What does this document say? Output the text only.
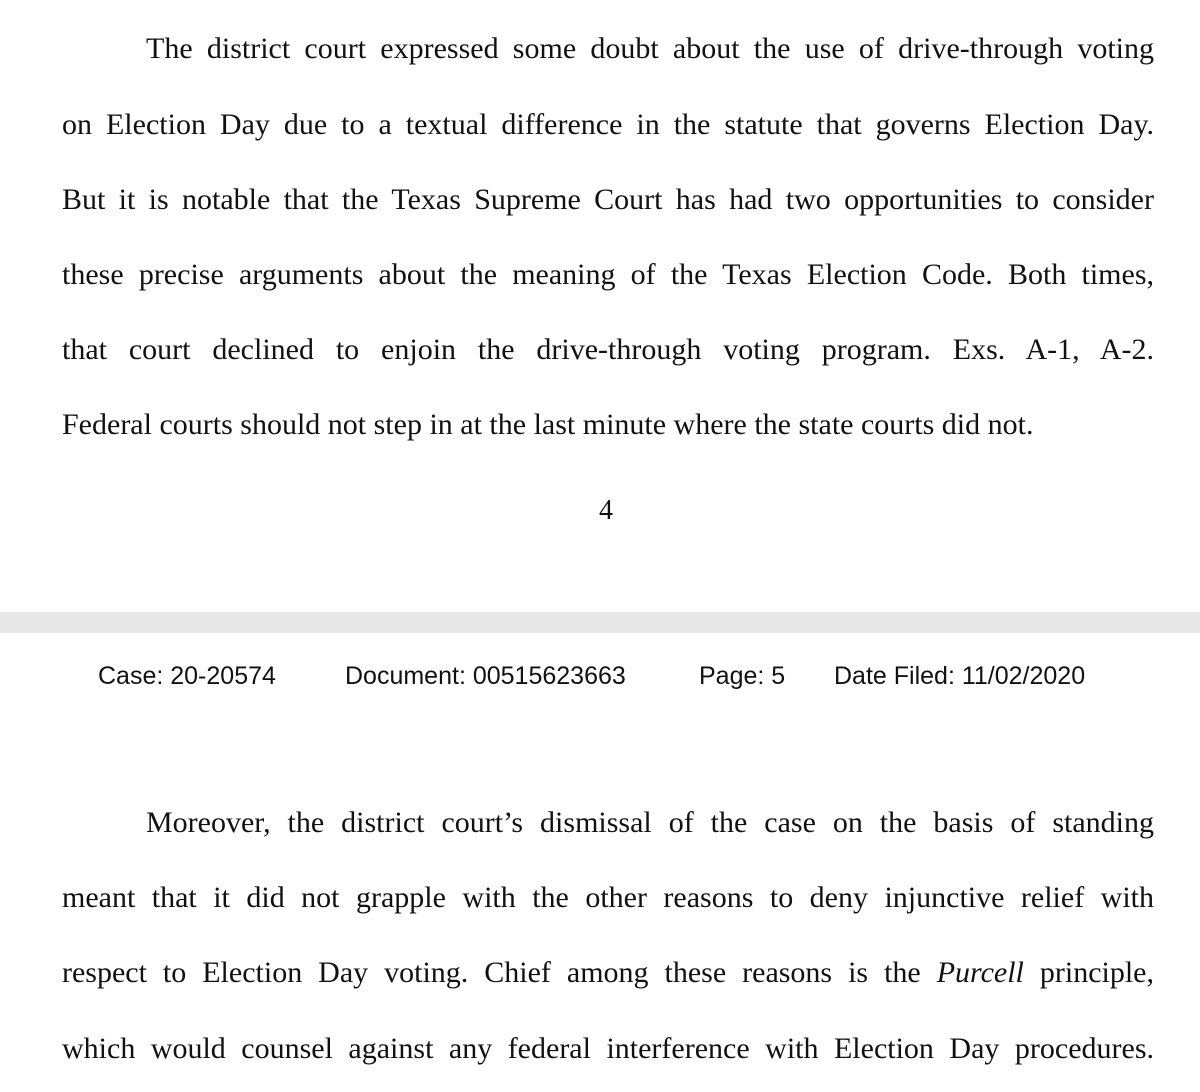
The district court expressed some doubt about the use of drive-through voting
on Election Day due to a textual difference in the statute that governs Election Day.
But it is notable that the Texas Supreme Court has had two opportunities to consider
these precise arguments about the meaning of the Texas Election Code. Both times,
that court declined to enjoin the drive-through voting program. Exs. A-1, A-2.
Federal courts should not step in at the last minute where the state courts did not.
4
Case: 20-20574	Document: 00515623663	Page: 5 Date Filed: 11/02/2020
Moreover, the district court’s dismissal of the case on the basis of standing
meant that it did not grapple with the other reasons to deny injunctive relief with
respect to Election Day voting. Chief among these reasons is the Purcell principle,
which would counsel against any federal interference with Election Day procedures.
